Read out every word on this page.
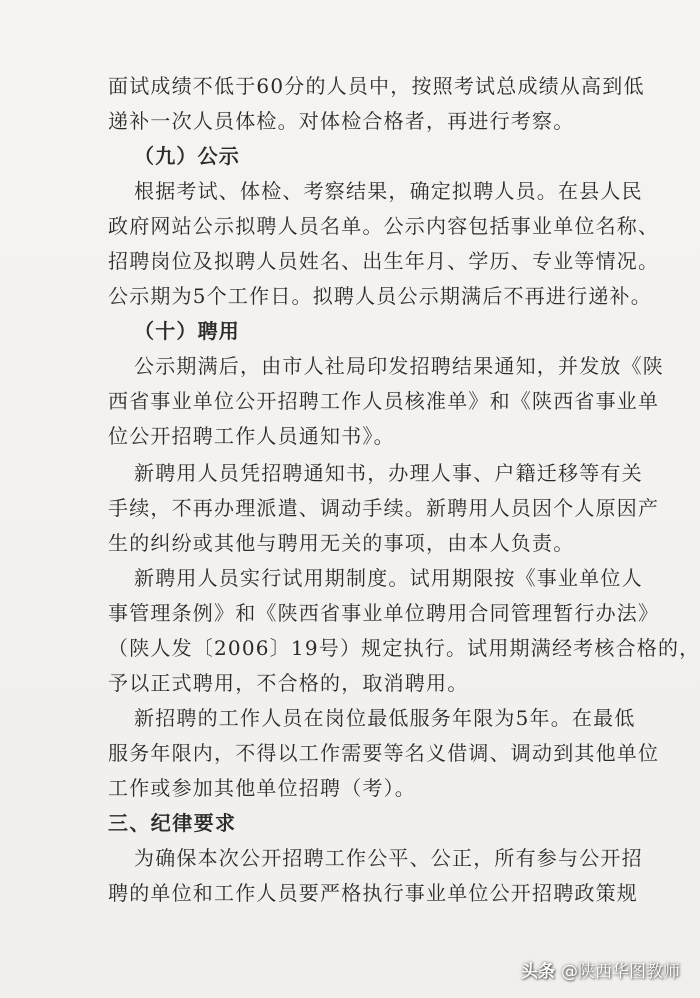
面试成绩不低于60分的人员中，按照考试总成绩从高到低
递补一次人员体检。对体检合格者，再进行考察。
（九）公示
根据考试、体检、考察结果，确定拟聘人员。在县人民
政府网站公示拟聘人员名单。公示内容包括事业单位名称、
招聘岗位及拟聘人员姓名、出生年月、学历、专业等情况。
公示期为5个工作日。拟聘人员公示期满后不再进行递补。
（十）聘用
公示期满后，由市人社局印发招聘结果通知，并发放《陕
西省事业单位公开招聘工作人员核准单》和《陕西省事业单
位公开招聘工作人员通知书》。
新聘用人员凭招聘通知书，办理人事、户籍迁移等有关
手续，不再办理派遣、调动手续。新聘用人员因个人原因产
生的纠纷或其他与聘用无关的事项，由本人负责。
新聘用人员实行试用期制度。试用期限按《事业单位人
事管理条例》和《陕西省事业单位聘用合同管理暂行办法》
（陕人发〔2006〕19号）规定执行。试用期满经考核合格的，
予以正式聘用，不合格的，取消聘用。
新招聘的工作人员在岗位最低服务年限为5年。在最低
服务年限内，不得以工作需要等名义借调、调动到其他单位
工作或参加其他单位招聘（考）。
三、纪律要求
为确保本次公开招聘工作公平、公正，所有参与公开招
聘的单位和工作人员要严格执行事业单位公开招聘政策规
头条 @陕西华图教师
